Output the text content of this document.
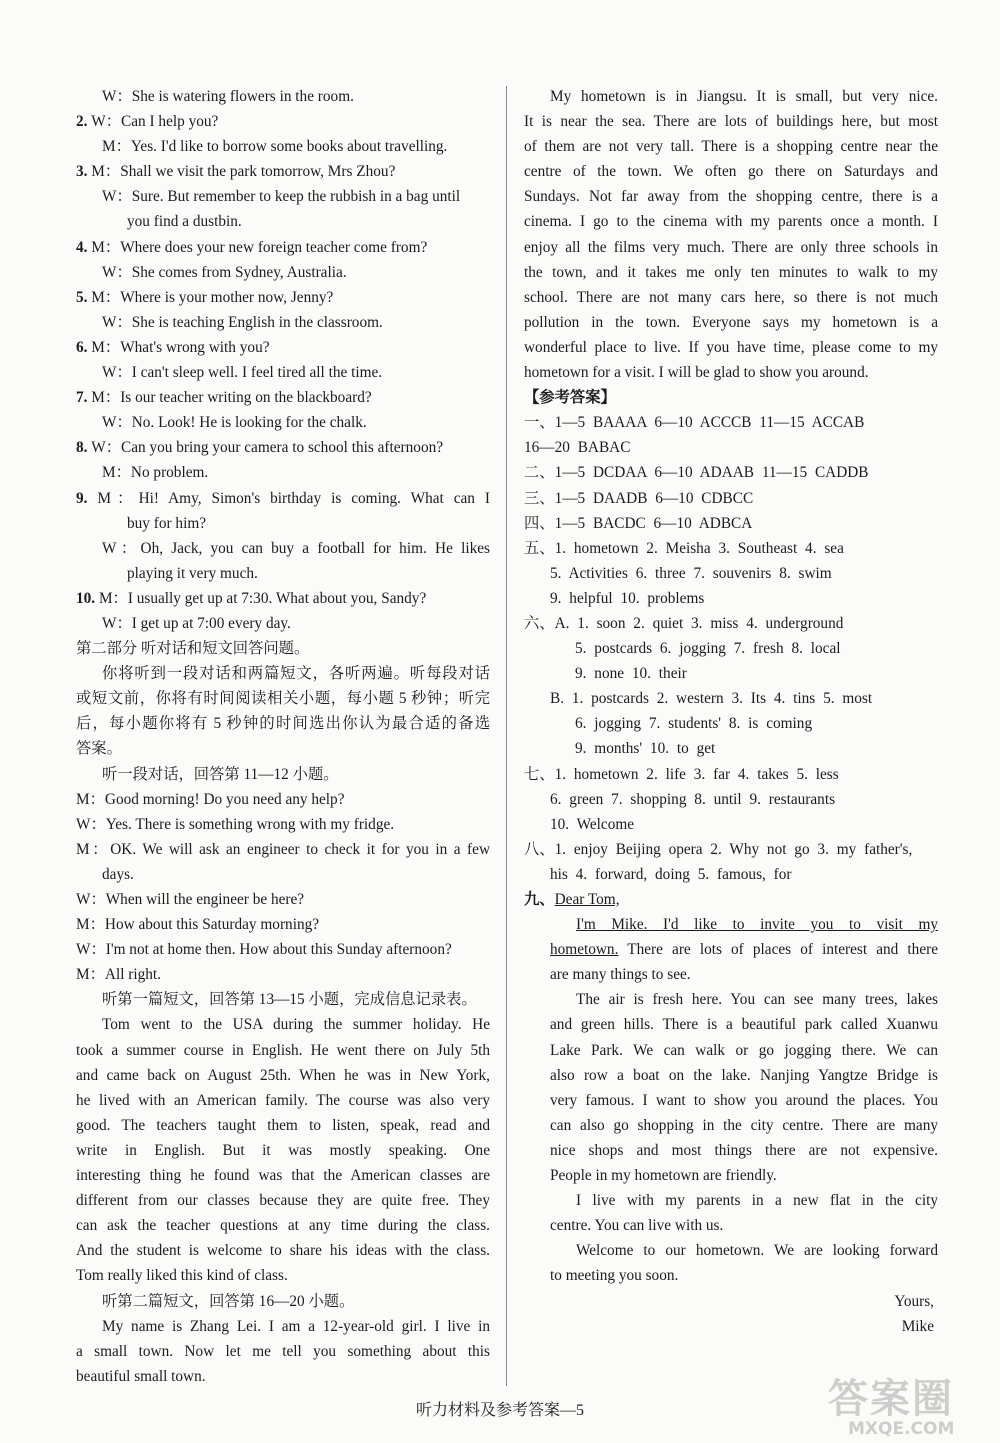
W：She is watering flowers in the room.
2. W：Can I help you?
M：Yes. I'd like to borrow some books about travelling.
3. M：Shall we visit the park tomorrow, Mrs Zhou?
W：Sure. But remember to keep the rubbish in a bag until
you find a dustbin.
4. M：Where does your new foreign teacher come from?
W：She comes from Sydney, Australia.
5. M：Where is your mother now, Jenny?
W：She is teaching English in the classroom.
6. M：What's wrong with you?
W：I can't sleep well. I feel tired all the time.
7. M：Is our teacher writing on the blackboard?
W：No. Look! He is looking for the chalk.
8. W：Can you bring your camera to school this afternoon?
M：No problem.
9. M：Hi! Amy, Simon's birthday is coming. What can I
buy for him?
W：Oh, Jack, you can buy a football for him. He likes
playing it very much.
10. M：I usually get up at 7:30. What about you, Sandy?
W：I get up at 7:00 every day.
第二部分 听对话和短文回答问题。
你将听到一段对话和两篇短文，各听两遍。听每段对话
或短文前，你将有时间阅读相关小题，每小题 5 秒钟；听完
后，每小题你将有 5 秒钟的时间选出你认为最合适的备选
答案。
听一段对话，回答第 11—12 小题。
M：Good morning! Do you need any help?
W：Yes. There is something wrong with my fridge.
M：OK. We will ask an engineer to check it for you in a few
days.
W：When will the engineer be here?
M：How about this Saturday morning?
W：I'm not at home then. How about this Sunday afternoon?
M：All right.
听第一篇短文，回答第 13—15 小题，完成信息记录表。
Tom went to the USA during the summer holiday. He
took a summer course in English. He went there on July 5th
and came back on August 25th. When he was in New York,
he lived with an American family. The course was also very
good. The teachers taught them to listen, speak, read and
write in English. But it was mostly speaking. One
interesting thing he found was that the American classes are
different from our classes because they are quite free. They
can ask the teacher questions at any time during the class.
And the student is welcome to share his ideas with the class.
Tom really liked this kind of class.
听第二篇短文，回答第 16—20 小题。
My name is Zhang Lei. I am a 12-year-old girl. I live in
a small town. Now let me tell you something about this
beautiful small town.
My hometown is in Jiangsu. It is small, but very nice.
It is near the sea. There are lots of buildings here, but most
of them are not very tall. There is a shopping centre near the
centre of the town. We often go there on Saturdays and
Sundays. Not far away from the shopping centre, there is a
cinema. I go to the cinema with my parents once a month. I
enjoy all the films very much. There are only three schools in
the town, and it takes me only ten minutes to walk to my
school. There are not many cars here, so there is not much
pollution in the town. Everyone says my hometown is a
wonderful place to live. If you have time, please come to my
hometown for a visit. I will be glad to show you around.
【参考答案】
一、1—5 BAAAA 6—10 ACCCB 11—15 ACCAB
16—20 BABAC
二、1—5 DCDAA 6—10 ADAAB 11—15 CADDB
三、1—5 DAADB 6—10 CDBCC
四、1—5 BACDC 6—10 ADBCA
五、1. hometown 2. Meisha 3. Southeast 4. sea
5. Activities 6. three 7. souvenirs 8. swim
9. helpful 10. problems
六、A. 1. soon 2. quiet 3. miss 4. underground
5. postcards 6. jogging 7. fresh 8. local
9. none 10. their
B. 1. postcards 2. western 3. Its 4. tins 5. most
6. jogging 7. students' 8. is coming
9. months' 10. to get
七、1. hometown 2. life 3. far 4. takes 5. less
6. green 7. shopping 8. until 9. restaurants
10. Welcome
八、1. enjoy Beijing opera 2. Why not go 3. my father's,
his 4. forward, doing 5. famous, for
九、Dear Tom,
I'm Mike. I'd like to invite you to visit my
hometown. There are lots of places of interest and there
are many things to see.
The air is fresh here. You can see many trees, lakes
and green hills. There is a beautiful park called Xuanwu
Lake Park. We can walk or go jogging there. We can
also row a boat on the lake. Nanjing Yangtze Bridge is
very famous. I want to show you around the places. You
can also go shopping in the city centre. There are many
nice shops and most things there are not expensive.
People in my hometown are friendly.
I live with my parents in a new flat in the city
centre. You can live with us.
Welcome to our hometown. We are looking forward
to meeting you soon.
Yours,
Mike
听力材料及参考答案—5	答案圈
MXQE.COM
